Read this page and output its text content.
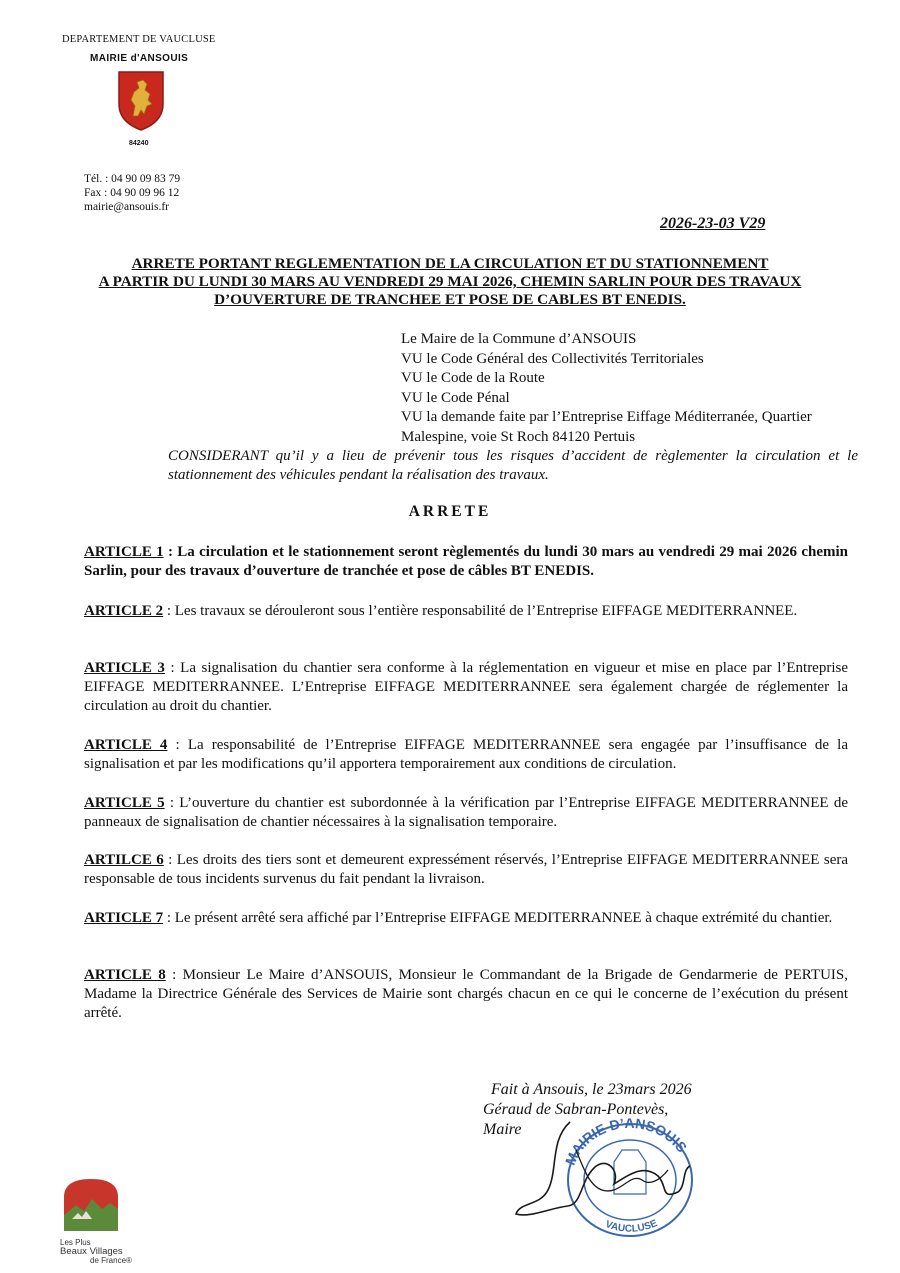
DEPARTEMENT DE VAUCLUSE
MAIRIE d'ANSOUIS
84240
Tél. : 04 90 09 83 79
Fax : 04 90 09 96 12
mairie@ansouis.fr
2026-23-03 V29
ARRETE PORTANT REGLEMENTATION DE LA CIRCULATION ET DU STATIONNEMENT
A PARTIR DU LUNDI 30 MARS AU VENDREDI 29 MAI 2026, CHEMIN SARLIN POUR DES TRAVAUX
D’OUVERTURE DE TRANCHEE ET POSE DE CABLES BT ENEDIS.
Le Maire de la Commune d’ANSOUIS
VU le Code Général des Collectivités Territoriales
VU le Code de la Route
VU le Code Pénal
VU la demande faite par l’Entreprise Eiffage Méditerranée, Quartier
Malespine, voie St Roch 84120 Pertuis
CONSIDERANT qu’il y a lieu de prévenir tous les risques d’accident de règlementer la circulation et le stationnement des véhicules pendant la réalisation des travaux.
ARRETE
ARTICLE 1 : La circulation et le stationnement seront règlementés du lundi 30 mars au vendredi 29 mai 2026 chemin Sarlin, pour des travaux d’ouverture de tranchée et pose de câbles BT ENEDIS.
ARTICLE 2 : Les travaux se dérouleront sous l’entière responsabilité de l’Entreprise EIFFAGE MEDITERRANNEE.
ARTICLE 3 : La signalisation du chantier sera conforme à la réglementation en vigueur et mise en place par l’Entreprise EIFFAGE MEDITERRANNEE. L’Entreprise EIFFAGE MEDITERRANNEE sera également chargée de réglementer la circulation au droit du chantier.
ARTICLE 4 : La responsabilité de l’Entreprise EIFFAGE MEDITERRANNEE sera engagée par l’insuffisance de la signalisation et par les modifications qu’il apportera temporairement aux conditions de circulation.
ARTICLE 5 : L’ouverture du chantier est subordonnée à la vérification par l’Entreprise EIFFAGE MEDITERRANNEE de panneaux de signalisation de chantier nécessaires à la signalisation temporaire.
ARTILCE 6 : Les droits des tiers sont et demeurent expressément réservés, l’Entreprise EIFFAGE MEDITERRANNEE sera responsable de tous incidents survenus du fait pendant la livraison.
ARTICLE 7 : Le présent arrêté sera affiché par l’Entreprise EIFFAGE MEDITERRANNEE à chaque extrémité du chantier.
ARTICLE 8 : Monsieur Le Maire d’ANSOUIS, Monsieur le Commandant de la Brigade de Gendarmerie de PERTUIS, Madame la Directrice Générale des Services de Mairie sont chargés chacun en ce qui le concerne de l’exécution du présent arrêté.
Fait à Ansouis, le 23mars 2026
Géraud de Sabran-Pontevès,
Maire
MAIRIE D’ANSOUIS
VAUCLUSE
Les Plus
Beaux Villages
de France®
